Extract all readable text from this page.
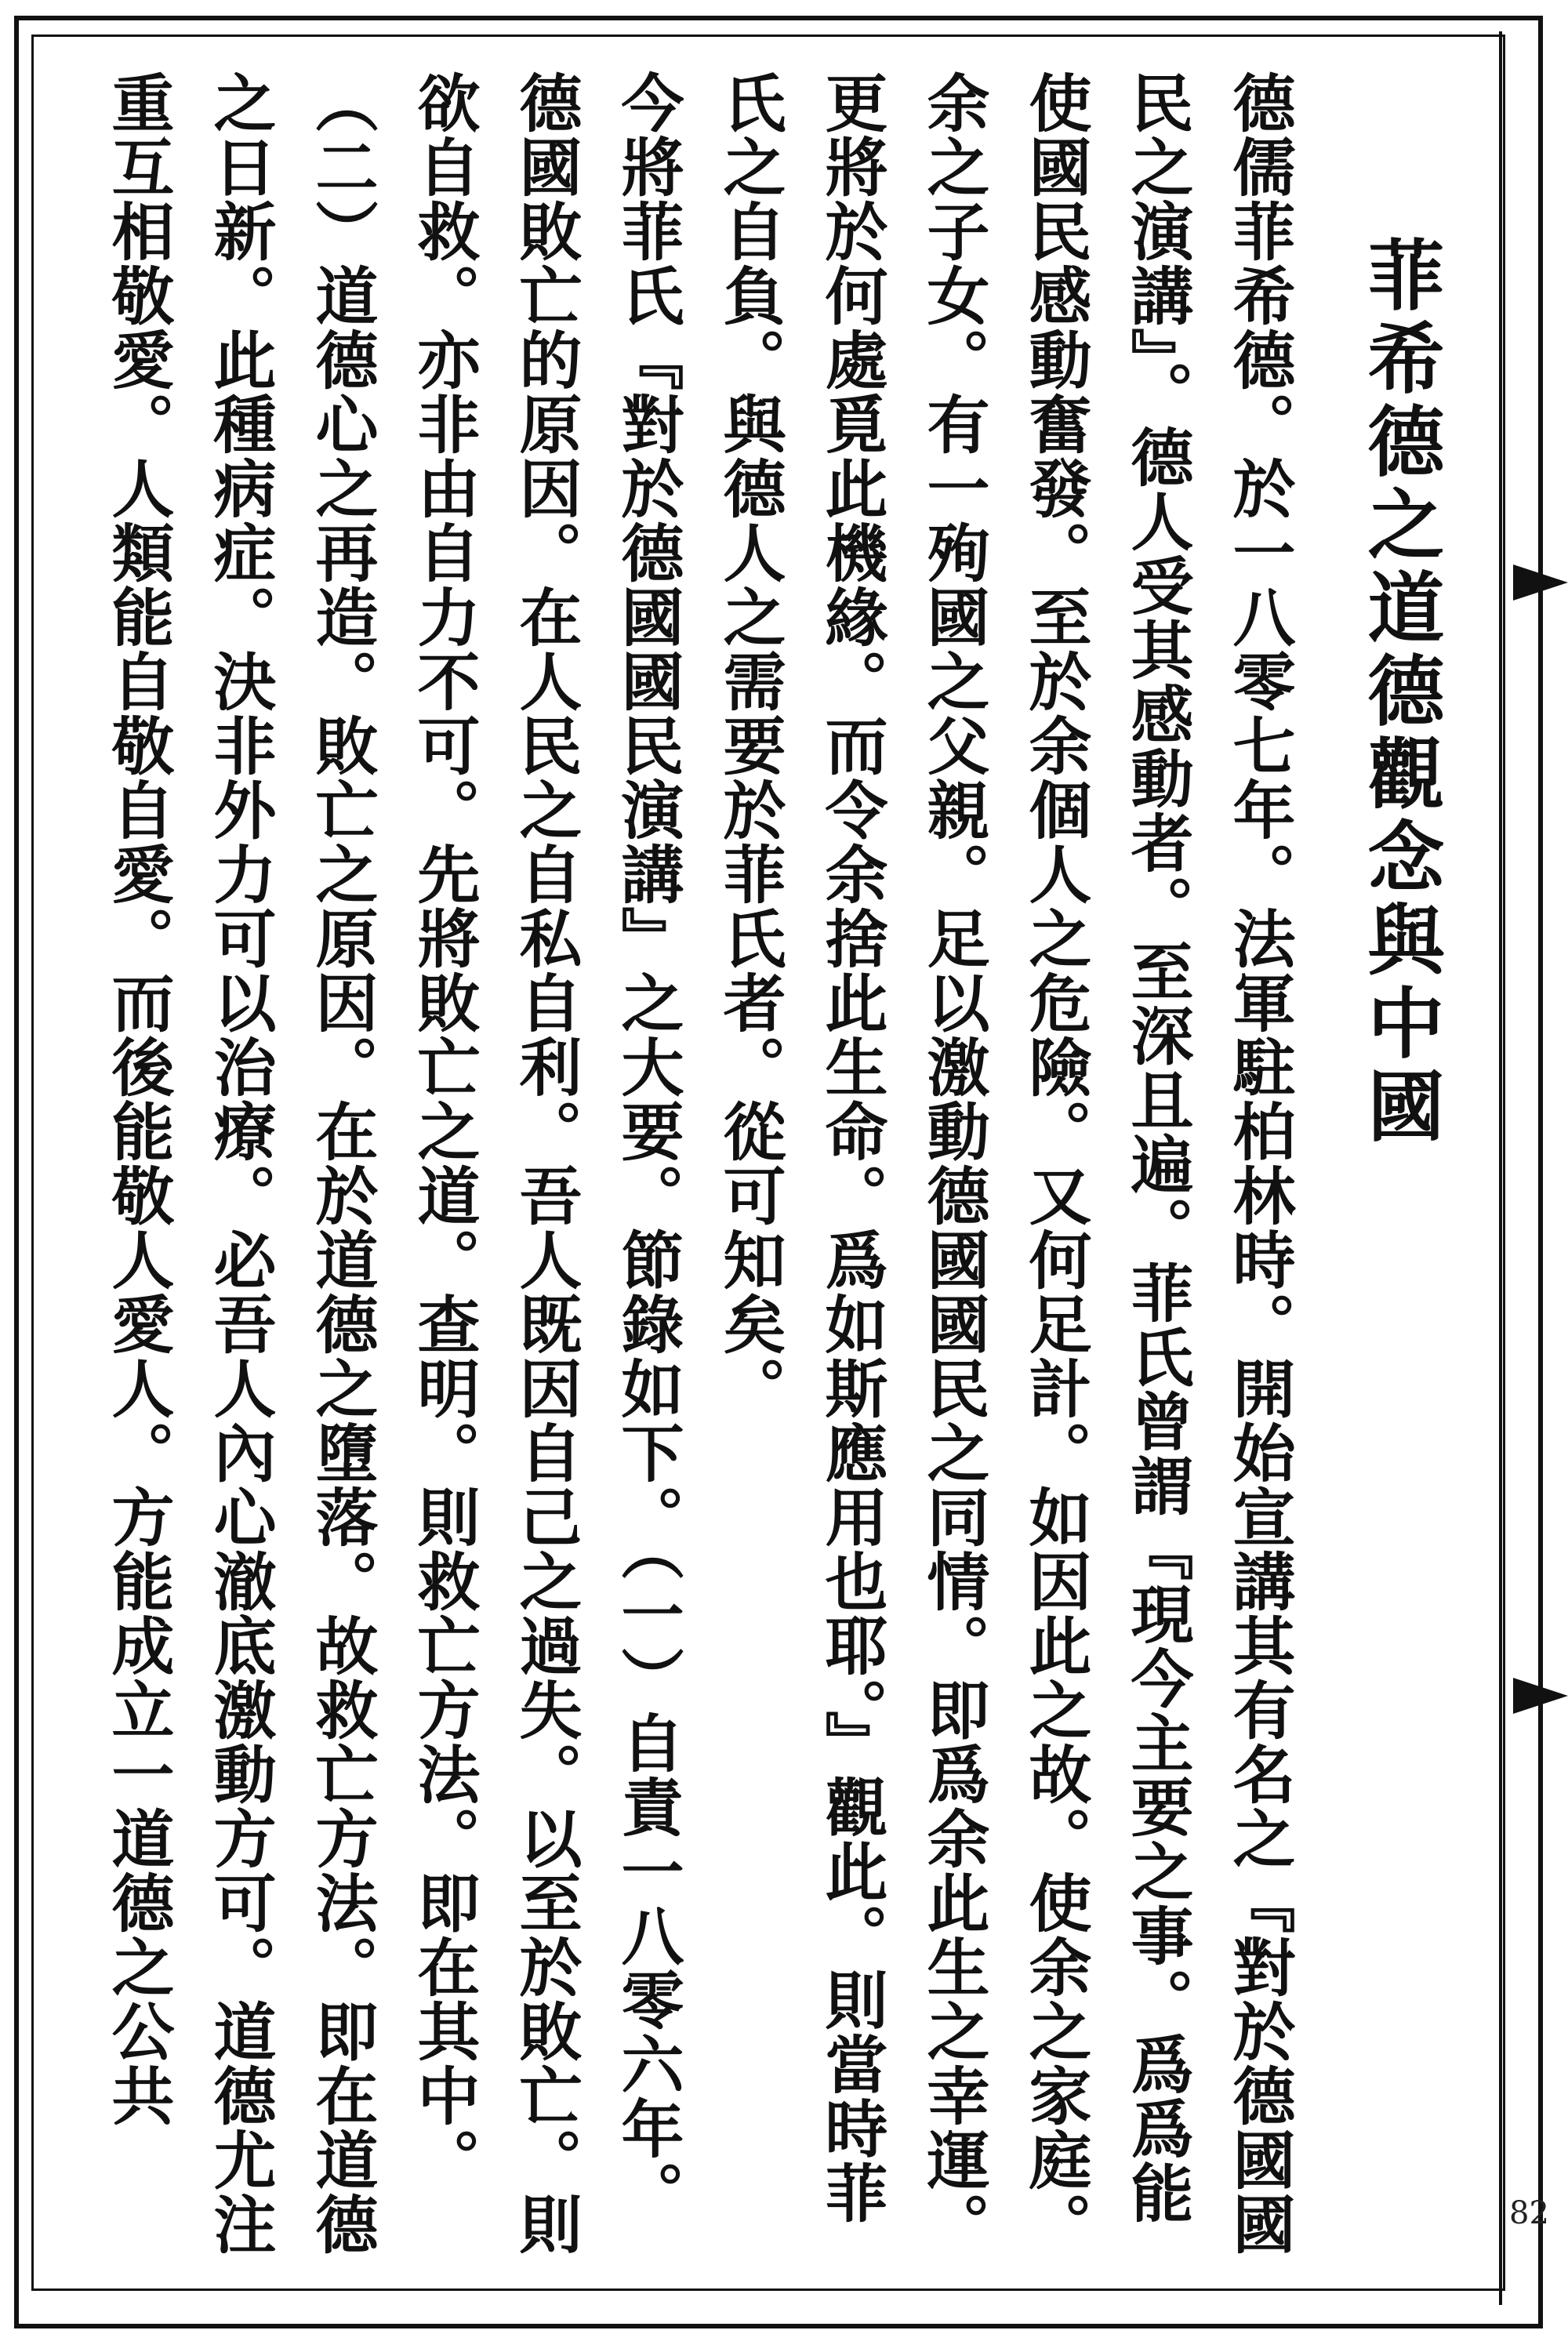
菲希德之道德觀念與中國

德儒菲希德。於一八零七年。法軍駐柏林時。開始宣講其有名之『對於德國國民之演講』。德人受其感動者。至深且遍。菲氏曾謂『現今主要之事。爲爲能使國民感動奮發。至於余個人之危險。又何足計。如因此之故。使余之家庭。余之子女。有一殉國之父親。足以激動德國國民之同情。即爲余此生之幸運。更將於何處覓此機緣。而令余捨此生命。爲如斯應用也耶。』觀此。則當時菲氏之自負。與德人之需要於菲氏者。從可知矣。

今將菲氏『對於德國國民演講』之大要。節錄如下。（一）自責一八零六年。德國敗亡的原因。在人民之自私自利。吾人既因自己之過失。以至於敗亡。則欲自救。亦非由自力不可。先將敗亡之道。查明。則救亡方法。即在其中。（二）道德心之再造。敗亡之原因。在於道德之墮落。故救亡方法。即在道德之日新。此種病症。決非外力可以治療。必吾人內心澈底激動方可。道德尤注重互相敬愛。人類能自敬自愛。而後能敬人愛人。方能成立一道德之公共

82
